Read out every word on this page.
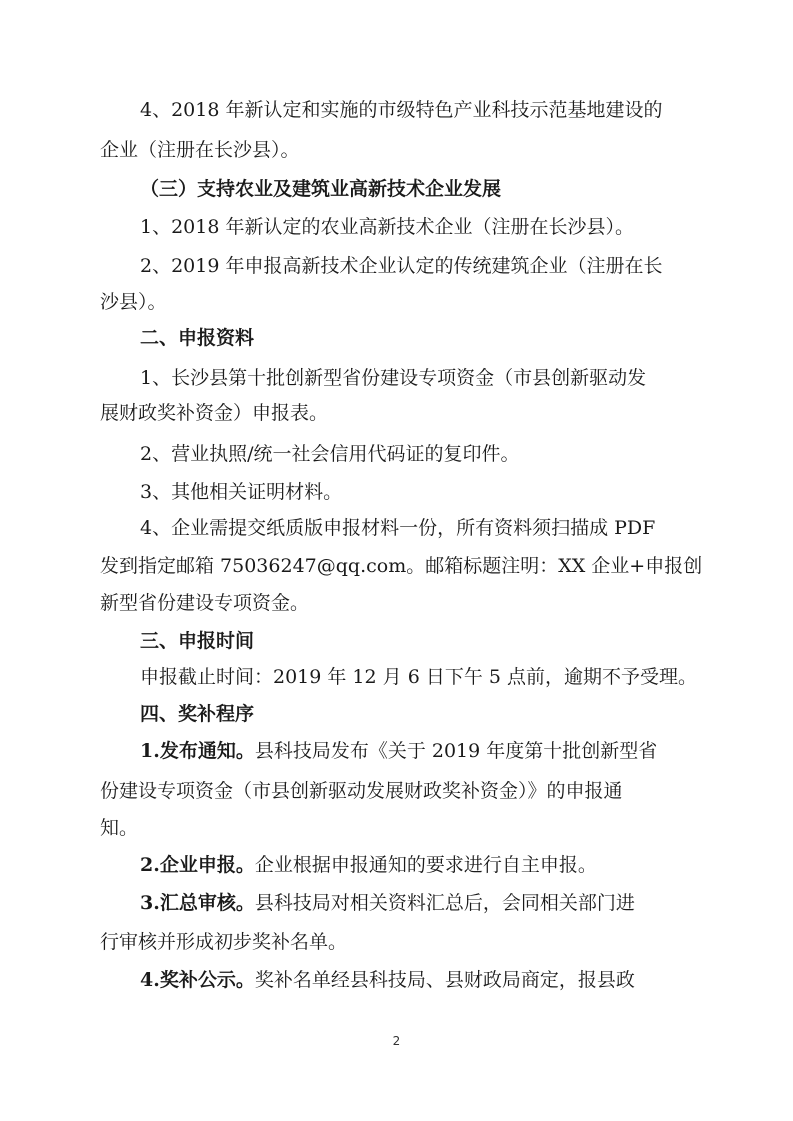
4、2018 年新认定和实施的市级特色产业科技示范基地建设的
企业（注册在长沙县）。
（三）支持农业及建筑业高新技术企业发展
1、2018 年新认定的农业高新技术企业（注册在长沙县）。
2、2019 年申报高新技术企业认定的传统建筑企业（注册在长
沙县）。
二、申报资料
1、长沙县第十批创新型省份建设专项资金（市县创新驱动发
展财政奖补资金）申报表。
2、营业执照/统一社会信用代码证的复印件。
3、其他相关证明材料。
4、企业需提交纸质版申报材料一份，所有资料须扫描成 PDF
发到指定邮箱 75036247@qq.com。邮箱标题注明：XX 企业+申报创
新型省份建设专项资金。
三、申报时间
申报截止时间：2019 年 12 月 6 日下午 5 点前，逾期不予受理。
四、奖补程序
1.发布通知。县科技局发布《关于 2019 年度第十批创新型省
份建设专项资金（市县创新驱动发展财政奖补资金）》的申报通
知。
2.企业申报。企业根据申报通知的要求进行自主申报。
3.汇总审核。县科技局对相关资料汇总后，会同相关部门进
行审核并形成初步奖补名单。
4.奖补公示。奖补名单经县科技局、县财政局商定，报县政
2
